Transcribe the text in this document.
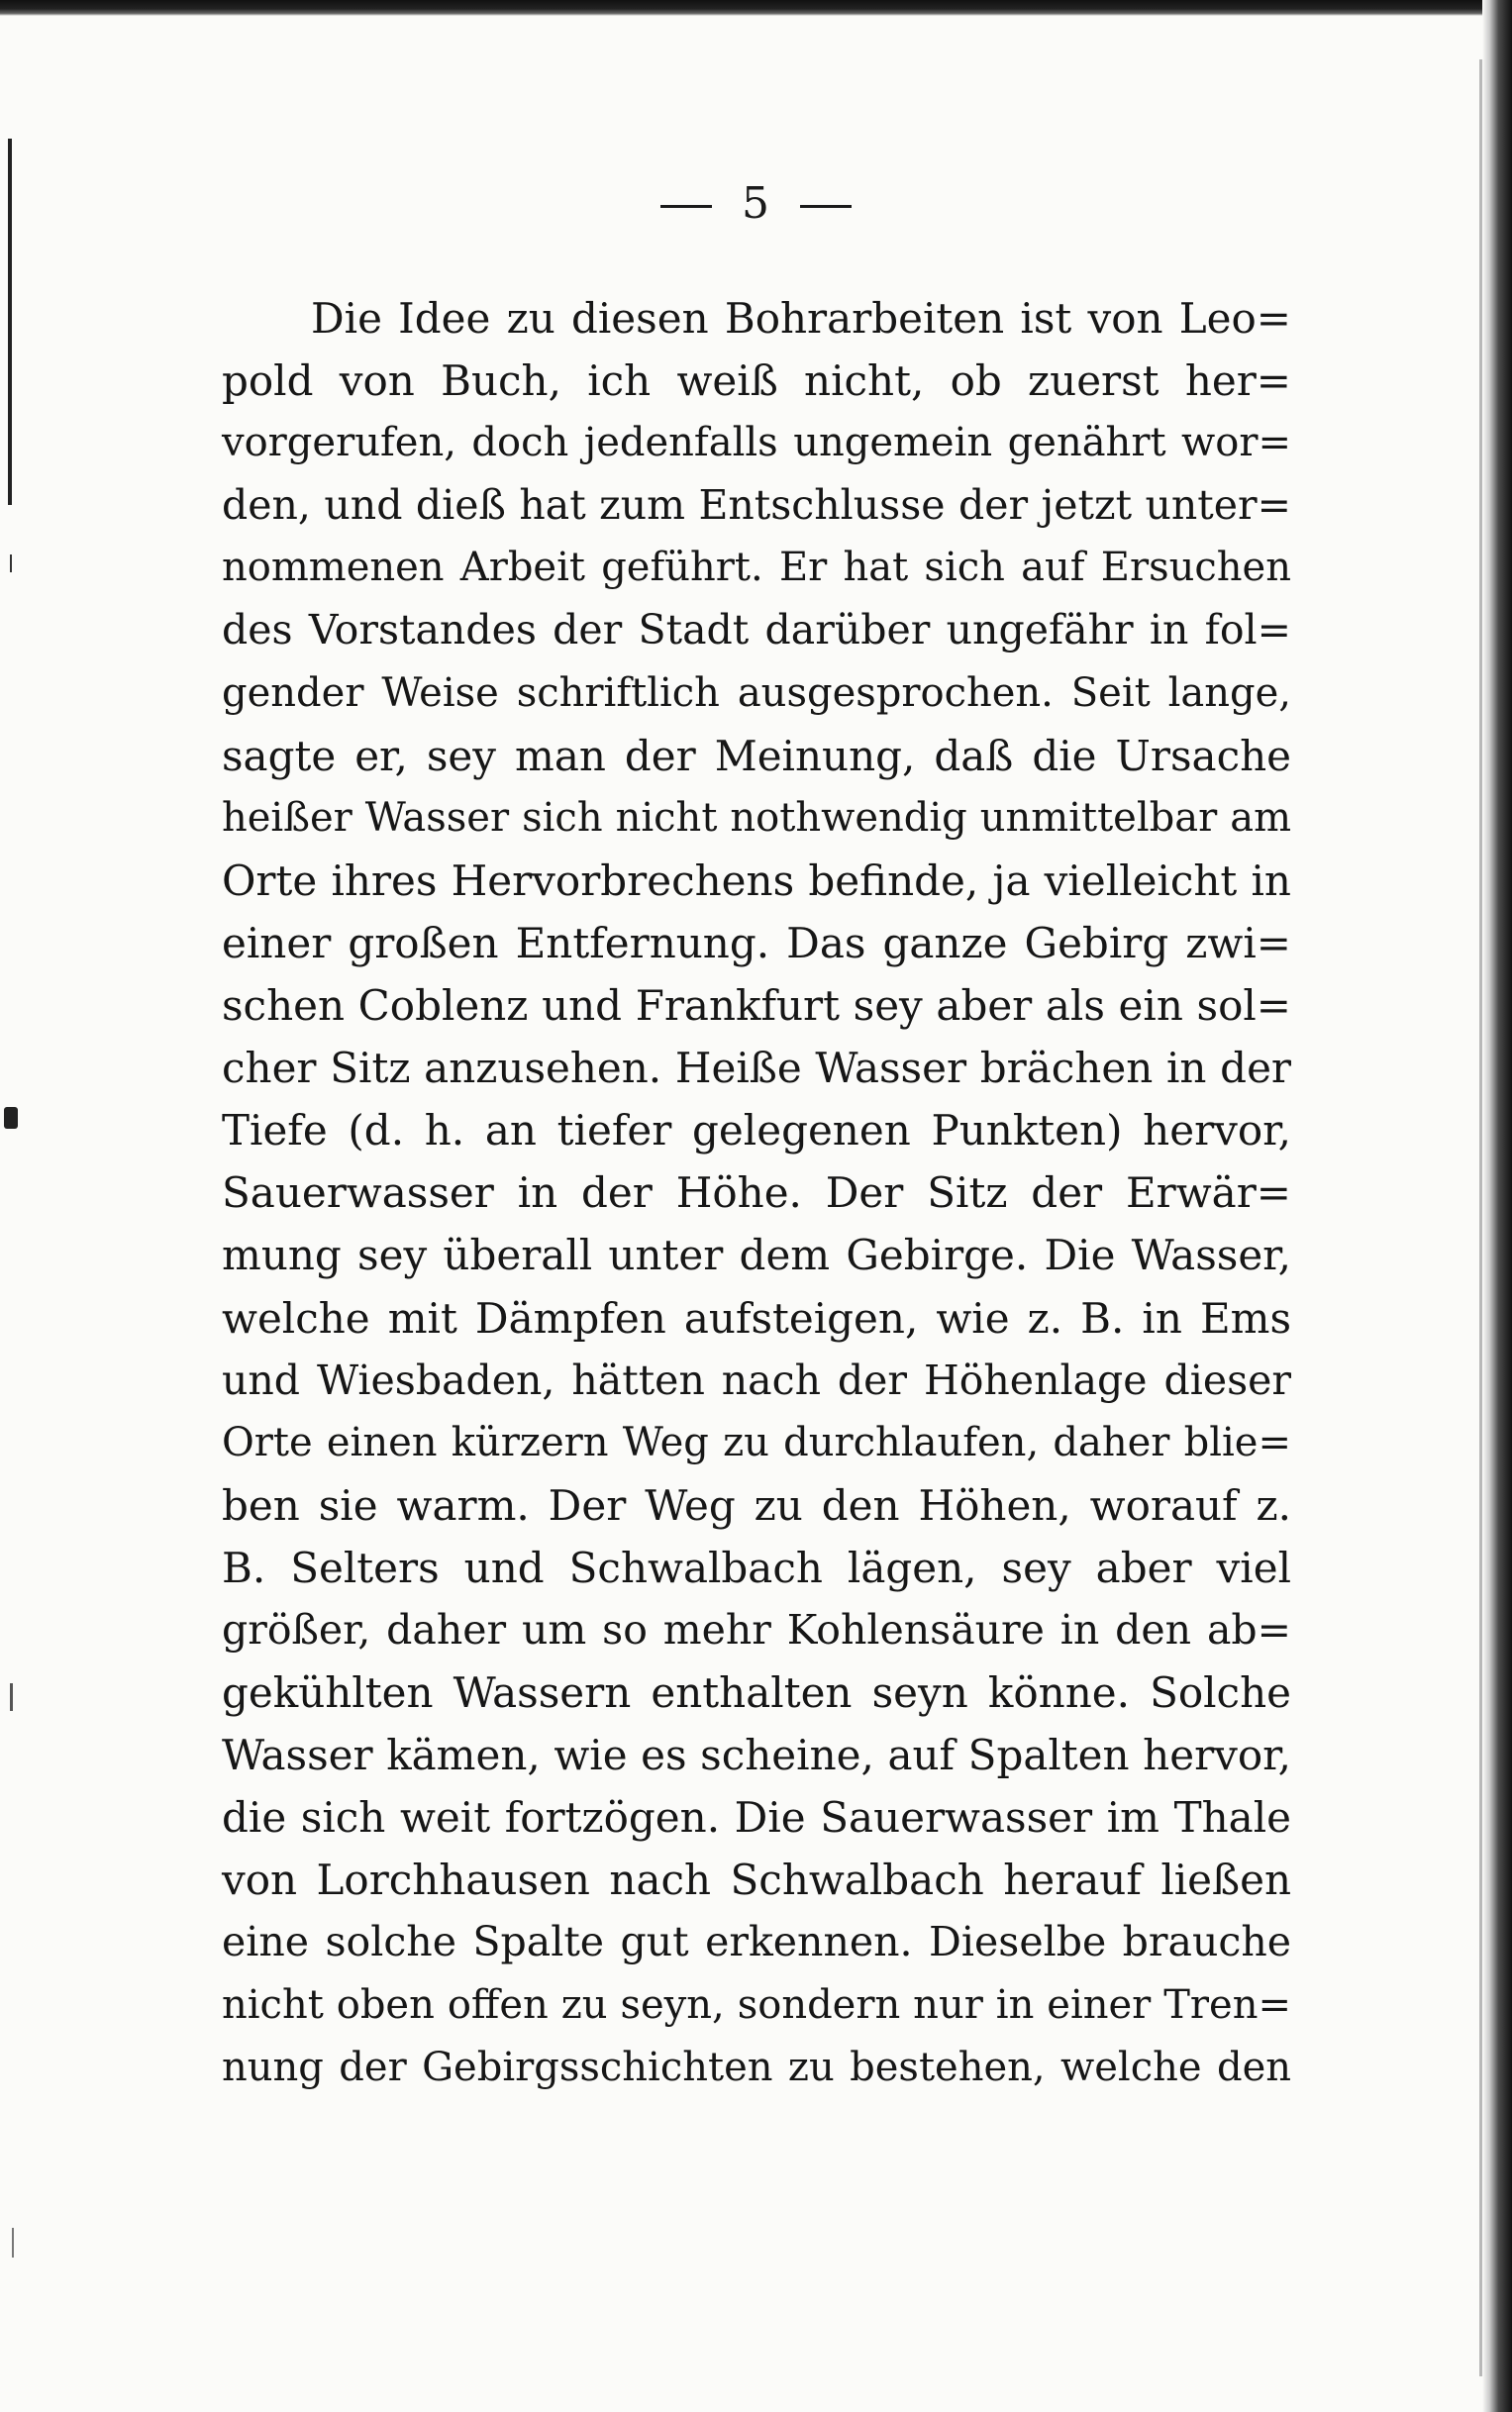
5
Die Idee zu diesen Bohrarbeiten ist von Leo=
pold von Buch, ich weiß nicht, ob zuerst her=
vorgerufen, doch jedenfalls ungemein genährt wor=
den, und dieß hat zum Entschlusse der jetzt unter=
nommenen Arbeit geführt. Er hat sich auf Ersuchen
des Vorstandes der Stadt darüber ungefähr in fol=
gender Weise schriftlich ausgesprochen. Seit lange,
sagte er, sey man der Meinung, daß die Ursache
heißer Wasser sich nicht nothwendig unmittelbar am
Orte ihres Hervorbrechens befinde, ja vielleicht in
einer großen Entfernung. Das ganze Gebirg zwi=
schen Coblenz und Frankfurt sey aber als ein sol=
cher Sitz anzusehen. Heiße Wasser brächen in der
Tiefe (d. h. an tiefer gelegenen Punkten) hervor,
Sauerwasser in der Höhe. Der Sitz der Erwär=
mung sey überall unter dem Gebirge. Die Wasser,
welche mit Dämpfen aufsteigen, wie z. B. in Ems
und Wiesbaden, hätten nach der Höhenlage dieser
Orte einen kürzern Weg zu durchlaufen, daher blie=
ben sie warm. Der Weg zu den Höhen, worauf z.
B. Selters und Schwalbach lägen, sey aber viel
größer, daher um so mehr Kohlensäure in den ab=
gekühlten Wassern enthalten seyn könne. Solche
Wasser kämen, wie es scheine, auf Spalten hervor,
die sich weit fortzögen. Die Sauerwasser im Thale
von Lorchhausen nach Schwalbach herauf ließen
eine solche Spalte gut erkennen. Dieselbe brauche
nicht oben offen zu seyn, sondern nur in einer Tren=
nung der Gebirgsschichten zu bestehen, welche den
